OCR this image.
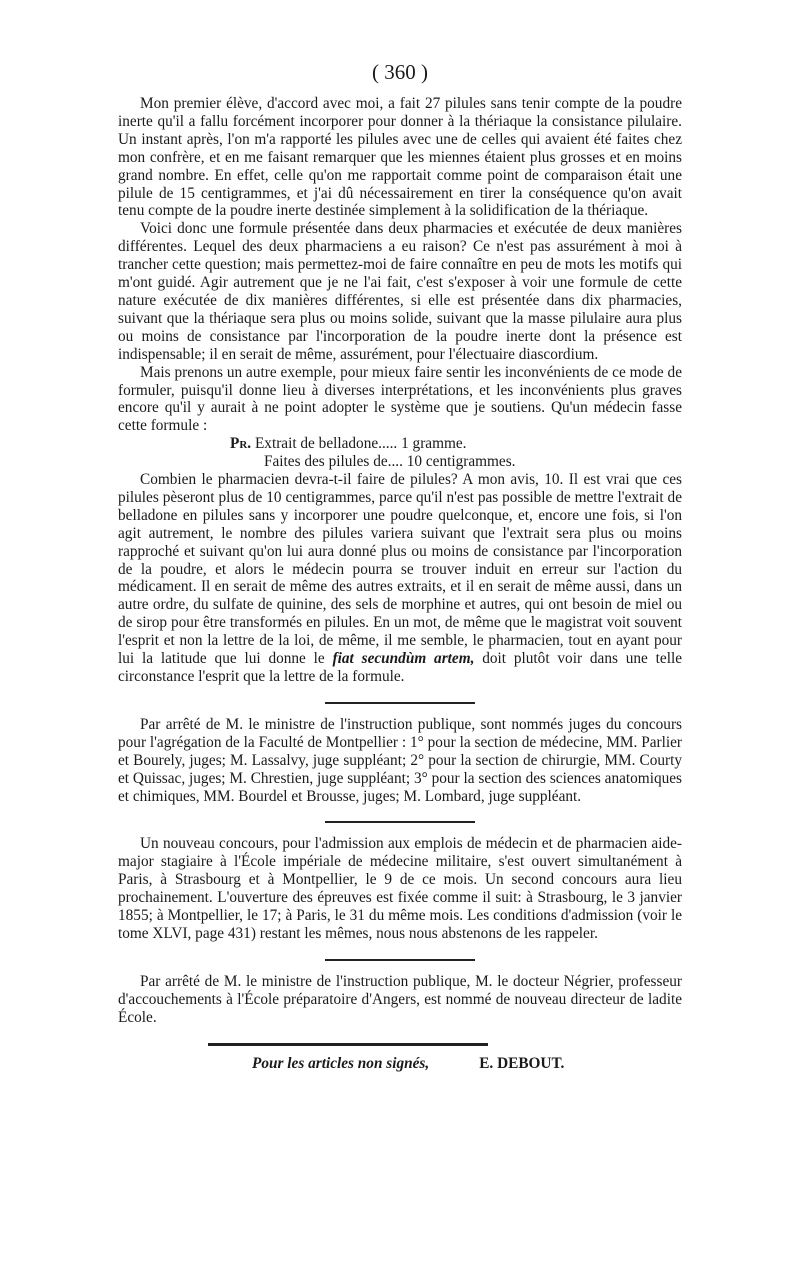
( 360 )

Mon premier élève, d'accord avec moi, a fait 27 pilules sans tenir compte de la poudre inerte qu'il a fallu forcément incorporer pour donner à la thériaque la consistance pilulaire. Un instant après, l'on m'a rapporté les pilules avec une de celles qui avaient été faites chez mon confrère, et en me faisant remarquer que les miennes étaient plus grosses et en moins grand nombre. En effet, celle qu'on me rapportait comme point de comparaison était une pilule de 15 centigrammes, et j'ai dû nécessairement en tirer la conséquence qu'on avait tenu compte de la poudre inerte destinée simplement à la solidification de la thériaque.

Voici donc une formule présentée dans deux pharmacies et exécutée de deux manières différentes. Lequel des deux pharmaciens a eu raison? Ce n'est pas assurément à moi à trancher cette question; mais permettez-moi de faire connaître en peu de mots les motifs qui m'ont guidé. Agir autrement que je ne l'ai fait, c'est s'exposer à voir une formule de cette nature exécutée de dix manières différentes, si elle est présentée dans dix pharmacies, suivant que la thériaque sera plus ou moins solide, suivant que la masse pilulaire aura plus ou moins de consistance par l'incorporation de la poudre inerte dont la présence est indispensable; il en serait de même, assurément, pour l'électuaire diascordium.

Mais prenons un autre exemple, pour mieux faire sentir les inconvénients de ce mode de formuler, puisqu'il donne lieu à diverses interprétations, et les inconvénients plus graves encore qu'il y aurait à ne point adopter le système que je soutiens. Qu'un médecin fasse cette formule :

Pr. Extrait de belladone..... 1 gramme.

Faites des pilules de.... 10 centigrammes.

Combien le pharmacien devra-t-il faire de pilules? A mon avis, 10. Il est vrai que ces pilules pèseront plus de 10 centigrammes, parce qu'il n'est pas possible de mettre l'extrait de belladone en pilules sans y incorporer une poudre quelconque, et, encore une fois, si l'on agit autrement, le nombre des pilules variera suivant que l'extrait sera plus ou moins rapproché et suivant qu'on lui aura donné plus ou moins de consistance par l'incorporation de la poudre, et alors le médecin pourra se trouver induit en erreur sur l'action du médicament. Il en serait de même des autres extraits, et il en serait de même aussi, dans un autre ordre, du sulfate de quinine, des sels de morphine et autres, qui ont besoin de miel ou de sirop pour être transformés en pilules. En un mot, de même que le magistrat voit souvent l'esprit et non la lettre de la loi, de même, il me semble, le pharmacien, tout en ayant pour lui la latitude que lui donne le fiat secundùm artem, doit plutôt voir dans une telle circonstance l'esprit que la lettre de la formule.

Par arrêté de M. le ministre de l'instruction publique, sont nommés juges du concours pour l'agrégation de la Faculté de Montpellier : 1° pour la section de médecine, MM. Parlier et Bourely, juges; M. Lassalvy, juge suppléant; 2° pour la section de chirurgie, MM. Courty et Quissac, juges; M. Chrestien, juge suppléant; 3° pour la section des sciences anatomiques et chimiques, MM. Bourdel et Brousse, juges; M. Lombard, juge suppléant.

Un nouveau concours, pour l'admission aux emplois de médecin et de pharmacien aide-major stagiaire à l'École impériale de médecine militaire, s'est ouvert simultanément à Paris, à Strasbourg et à Montpellier, le 9 de ce mois. Un second concours aura lieu prochainement. L'ouverture des épreuves est fixée comme il suit: à Strasbourg, le 3 janvier 1855; à Montpellier, le 17; à Paris, le 31 du même mois. Les conditions d'admission (voir le tome XLVI, page 431) restant les mêmes, nous nous abstenons de les rappeler.

Par arrêté de M. le ministre de l'instruction publique, M. le docteur Négrier, professeur d'accouchements à l'École préparatoire d'Angers, est nommé de nouveau directeur de ladite École.

Pour les articles non signés,	E. DEBOUT.
